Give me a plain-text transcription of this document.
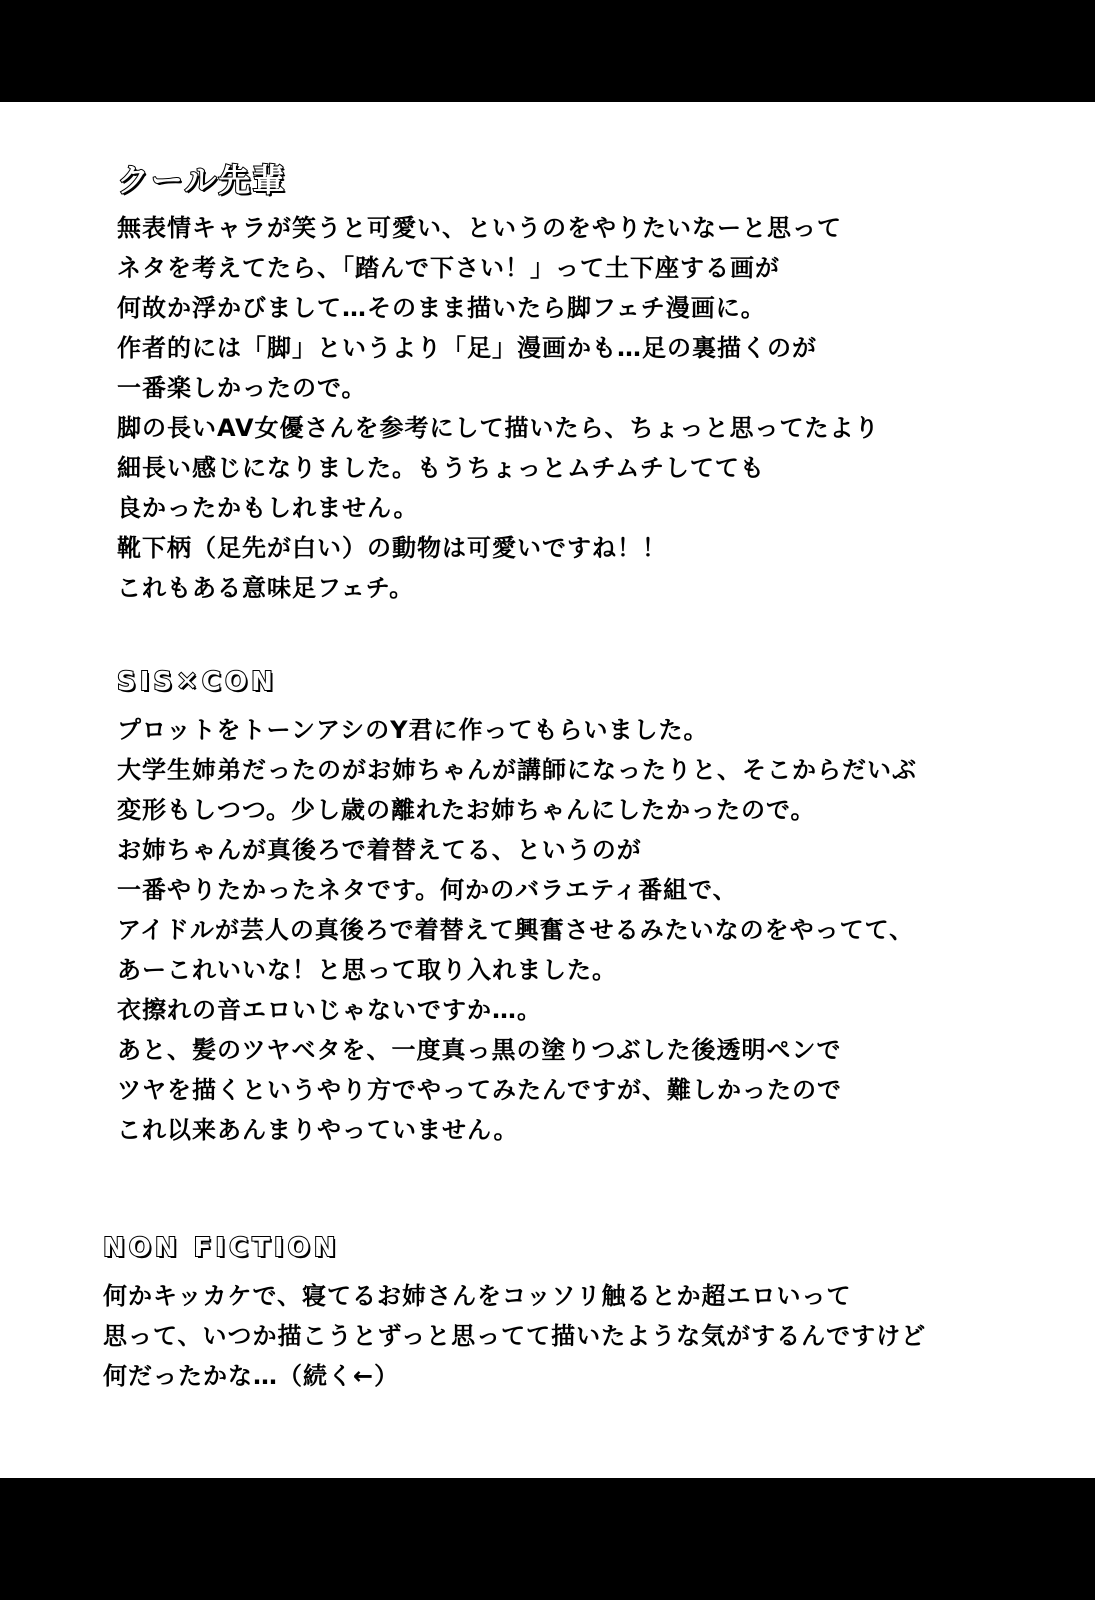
クール先輩
無表情キャラが笑うと可愛い、というのをやりたいなーと思って
ネタを考えてたら、「踏んで下さい！」って土下座する画が
何故か浮かびまして…そのまま描いたら脚フェチ漫画に。
作者的には「脚」というより「足」漫画かも…足の裏描くのが
一番楽しかったので。
脚の長いAV女優さんを参考にして描いたら、ちょっと思ってたより
細長い感じになりました。もうちょっとムチムチしてても
良かったかもしれません。
靴下柄（足先が白い）の動物は可愛いですね！！
これもある意味足フェチ。
SIS✕CON
プロットをトーンアシのY君に作ってもらいました。
大学生姉弟だったのがお姉ちゃんが講師になったりと、そこからだいぶ
変形もしつつ。少し歳の離れたお姉ちゃんにしたかったので。
お姉ちゃんが真後ろで着替えてる、というのが
一番やりたかったネタです。何かのバラエティ番組で、
アイドルが芸人の真後ろで着替えて興奮させるみたいなのをやってて、
あーこれいいな！と思って取り入れました。
衣擦れの音エロいじゃないですか…。
あと、髪のツヤベタを、一度真っ黒の塗りつぶした後透明ペンで
ツヤを描くというやり方でやってみたんですが、難しかったので
これ以来あんまりやっていません。
NON FICTION
何かキッカケで、寝てるお姉さんをコッソリ触るとか超エロいって
思って、いつか描こうとずっと思ってて描いたような気がするんですけど
何だったかな…（続く←）
